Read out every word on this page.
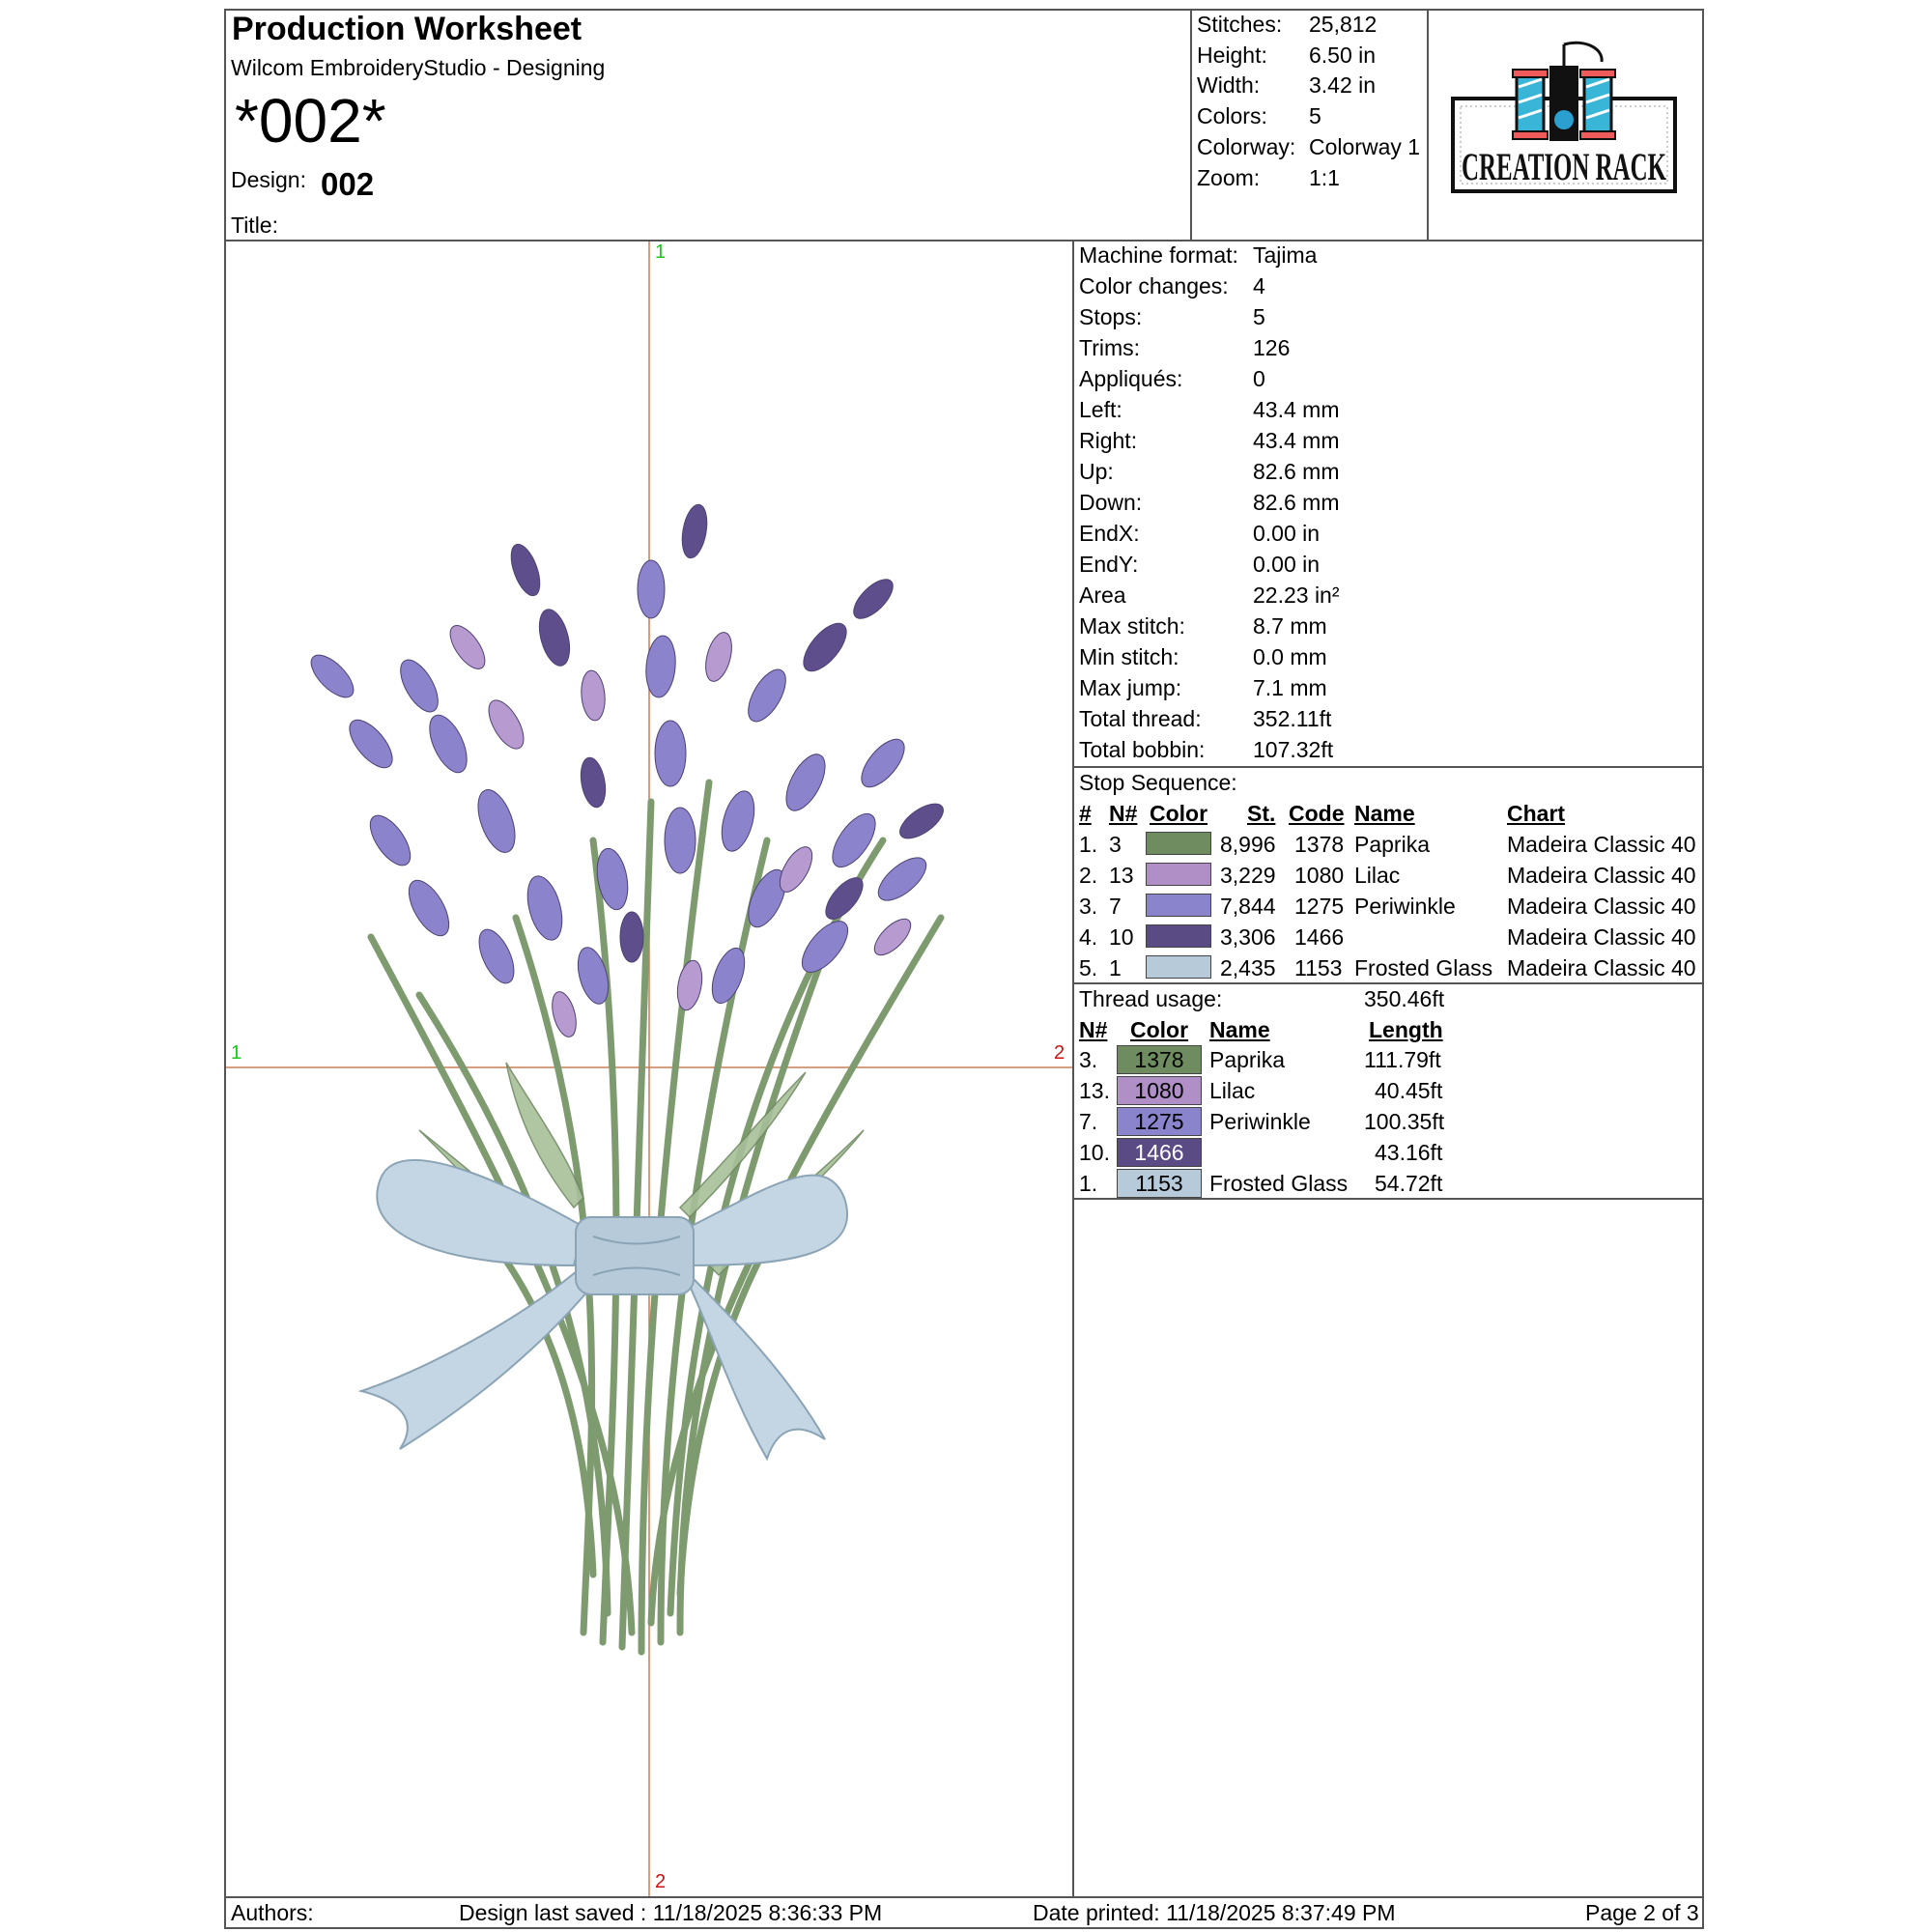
Production Worksheet
Wilcom EmbroideryStudio - Designing
*002*
Design: 002
Title:
Stitches: 25,812
Height: 6.50 in
Width: 3.42 in
Colors: 5
Colorway: Colorway 1
Zoom: 1:1	CREATION RACK
1
2
1	2
Machine format: Tajima
Color changes: 4
Stops:	5
Trims:	126
Appliqués:	0
Left:	43.4 mm
Right:	43.4 mm
Up:	82.6 mm
Down:	82.6 mm
EndX:	0.00 in
EndY:	0.00 in
Area	22.23 in²
Max stitch:	8.7 mm
Min stitch:	0.0 mm
Max jump:	7.1 mm
Total thread: 352.11ft
Total bobbin: 107.32ft
Stop Sequence:
# N# Color St. Code Name	Chart
1. 3	8,996 1378 Paprika	Madeira Classic 40
2. 13	3,229 1080 Lilac	Madeira Classic 40
3. 7	7,844 1275 Periwinkle Madeira Classic 40
4. 10	3,306 1466	Madeira Classic 40
5. 1	2,435 1153 Frosted Glass Madeira Classic 40
Thread usage:	350.46ft
N# Color Name	Length
3.	1378	Paprika	111.79ft
13.	1080	Lilac	40.45ft
7.	1275	Periwinkle 100.35ft
10.	1466	43.16ft
1.	1153	Frosted Glass 54.72ft
Authors:	Design last saved : 11/18/2025 8:36:33 PM	Date printed: 11/18/2025 8:37:49 PM	Page 2 of 3
